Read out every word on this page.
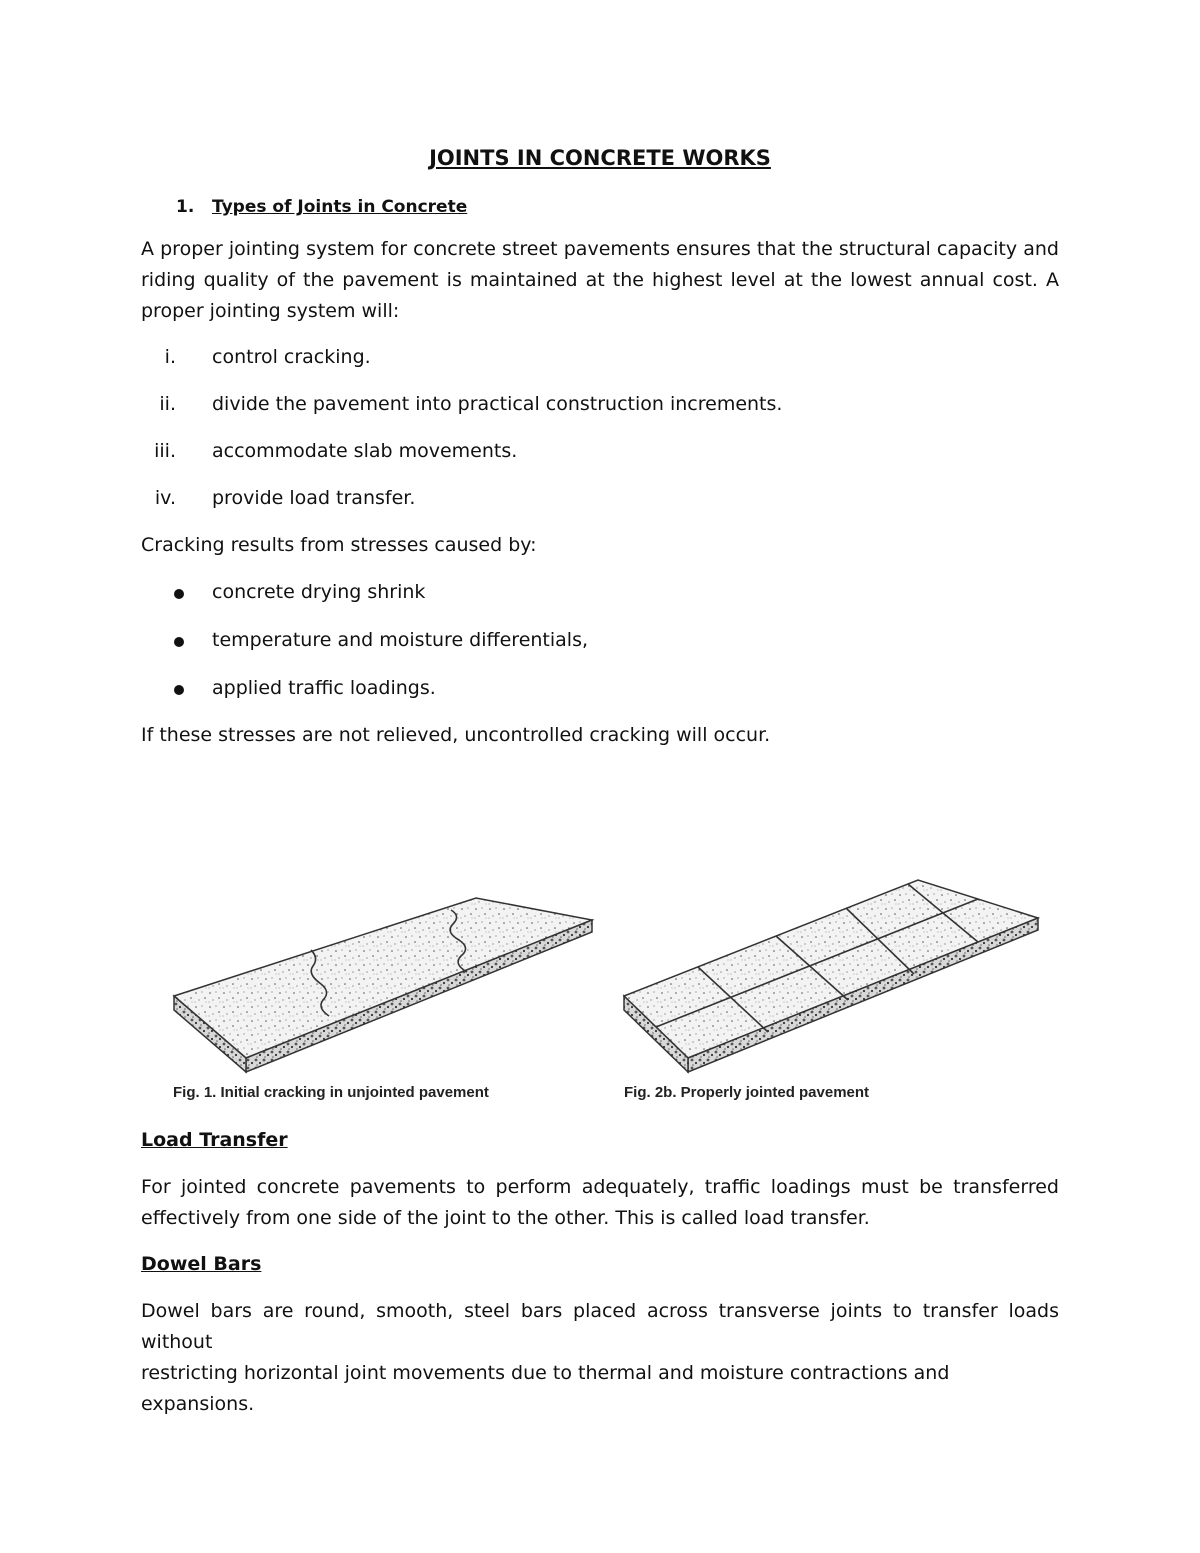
JOINTS IN CONCRETE WORKS
1. Types of Joints in Concrete
A proper jointing system for concrete street pavements ensures that the structural capacity and
riding quality of the pavement is maintained at the highest level at the lowest annual cost. A
proper jointing system will:
i. control cracking.
ii. divide the pavement into practical construction increments.
iii. accommodate slab movements.
iv. provide load transfer.
Cracking results from stresses caused by:
concrete drying shrink
temperature and moisture differentials,
applied traffic loadings.
If these stresses are not relieved, uncontrolled cracking will occur.
Fig. 1. Initial cracking in unjointed pavement	Fig. 2b. Properly jointed pavement
Load Transfer
For jointed concrete pavements to perform adequately, traffic loadings must be transferred
effectively from one side of the joint to the other. This is called load transfer.
Dowel Bars
Dowel bars are round, smooth, steel bars placed across transverse joints to transfer loads without
restricting horizontal joint movements due to thermal and moisture contractions and expansions.
